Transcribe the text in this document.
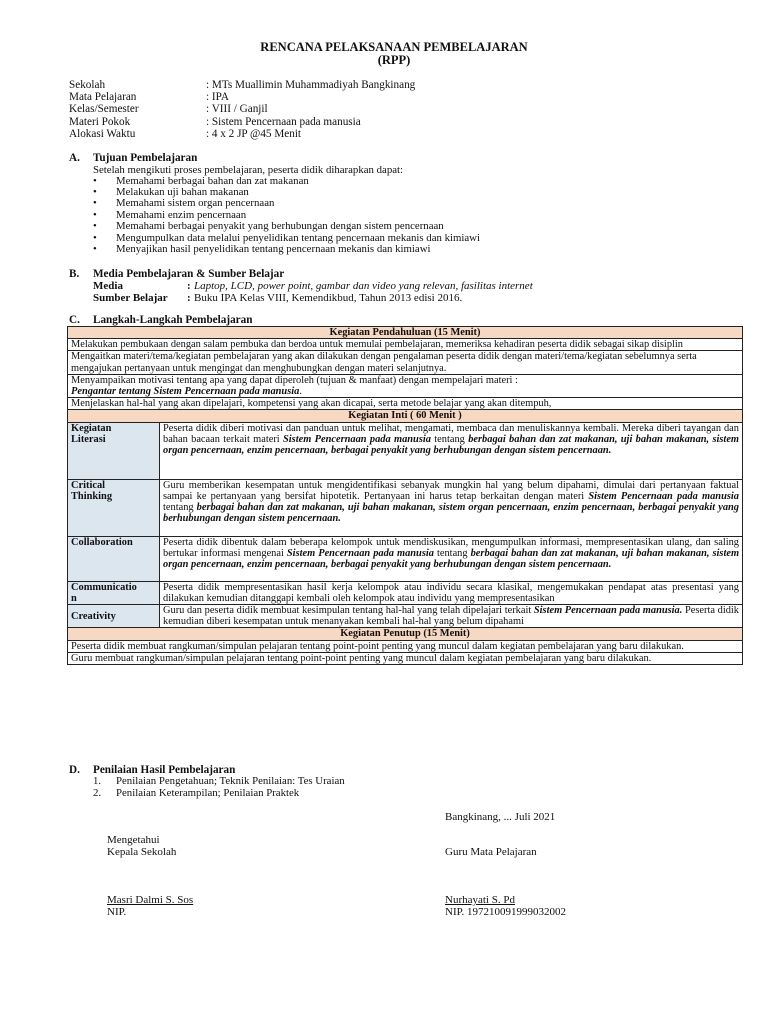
RENCANA PELAKSANAAN PEMBELAJARAN
(RPP)
Sekolah	: MTs Muallimin Muhammadiyah Bangkinang
Mata Pelajaran	: IPA
Kelas/Semester	: VIII / Ganjil
Materi Pokok	: Sistem Pencernaan pada manusia
Alokasi Waktu	: 4 x 2 JP @45 Menit
A. Tujuan Pembelajaran
Setelah mengikuti proses pembelajaran, peserta didik diharapkan dapat:
•	Memahami berbagai bahan dan zat makanan
•	Melakukan uji bahan makanan
•	Memahami sistem organ pencernaan
•	Memahami enzim pencernaan
•	Memahami berbagai penyakit yang berhubungan dengan sistem pencernaan
•	Mengumpulkan data melalui penyelidikan tentang pencernaan mekanis dan kimiawi
•	Menyajikan hasil penyelidikan tentang pencernaan mekanis dan kimiawi
B. Media Pembelajaran & Sumber Belajar
Media	: Laptop, LCD, power point, gambar dan video yang relevan, fasilitas internet
Sumber Belajar	: Buku IPA Kelas VIII, Kemendikbud, Tahun 2013 edisi 2016.
C. Langkah-Langkah Pembelajaran
Kegiatan Pendahuluan (15 Menit)	
Melakukan pembukaan dengan salam pembuka dan berdoa untuk memulai pembelajaran, memeriksa kehadiran peserta didik sebagai sikap disiplin	
Mengaitkan materi/tema/kegiatan pembelajaran yang akan dilakukan dengan pengalaman peserta didik dengan materi/tema/kegiatan sebelumnya serta mengajukan pertanyaan untuk mengingat dan menghubungkan dengan materi selanjutnya.	
Menyampaikan motivasi tentang apa yang dapat diperoleh (tujuan & manfaat) dengan mempelajari materi :
Pengantar tentang Sistem Pencernaan pada manusia.	
Menjelaskan hal-hal yang akan dipelajari, kompetensi yang akan dicapai, serta metode belajar yang akan ditempuh,	
Kegiatan Inti ( 60 Menit )	
Kegiatan
Literasi	Peserta didik diberi motivasi dan panduan untuk melihat, mengamati, membaca dan menuliskannya kembali. Mereka diberi tayangan dan bahan bacaan terkait materi Sistem Pencernaan pada manusia tentang berbagai bahan dan zat makanan, uji bahan makanan, sistem organ pencernaan, enzim pencernaan, berbagai penyakit yang berhubungan dengan sistem pencernaan.
Critical
Thinking	Guru memberikan kesempatan untuk mengidentifikasi sebanyak mungkin hal yang belum dipahami, dimulai dari pertanyaan faktual sampai ke pertanyaan yang bersifat hipotetik. Pertanyaan ini harus tetap berkaitan dengan materi Sistem Pencernaan pada manusia tentang berbagai bahan dan zat makanan, uji bahan makanan, sistem organ pencernaan, enzim pencernaan, berbagai penyakit yang berhubungan dengan sistem pencernaan.
Collaboration	Peserta didik dibentuk dalam beberapa kelompok untuk mendiskusikan, mengumpulkan informasi, mempresentasikan ulang, dan saling bertukar informasi mengenai Sistem Pencernaan pada manusia tentang berbagai bahan dan zat makanan, uji bahan makanan, sistem organ pencernaan, enzim pencernaan, berbagai penyakit yang berhubungan dengan sistem pencernaan.
Communicatio
n	Peserta didik mempresentasikan hasil kerja kelompok atau individu secara klasikal, mengemukakan pendapat atas presentasi yang dilakukan kemudian ditanggapi kembali oleh kelompok atau individu yang mempresentasikan
Creativity	Guru dan peserta didik membuat kesimpulan tentang hal-hal yang telah dipelajari terkait Sistem Pencernaan pada manusia. Peserta didik kemudian diberi kesempatan untuk menanyakan kembali hal-hal yang belum dipahami
Kegiatan Penutup (15 Menit)	
Peserta didik membuat rangkuman/simpulan pelajaran tentang point-point penting yang muncul dalam kegiatan pembelajaran yang baru dilakukan.	
Guru membuat rangkuman/simpulan pelajaran tentang point-point penting yang muncul dalam kegiatan pembelajaran yang baru dilakukan.	
D. Penilaian Hasil Pembelajaran
1.	Penilaian Pengetahuan; Teknik Penilaian: Tes Uraian
2.	Penilaian Keterampilan; Penilaian Praktek
Bangkinang, ... Juli 2021
Mengetahui
Kepala Sekolah	Guru Mata Pelajaran
Masri Dalmi S. Sos
NIP.
Nurhayati S. Pd
NIP. 197210091999032002
